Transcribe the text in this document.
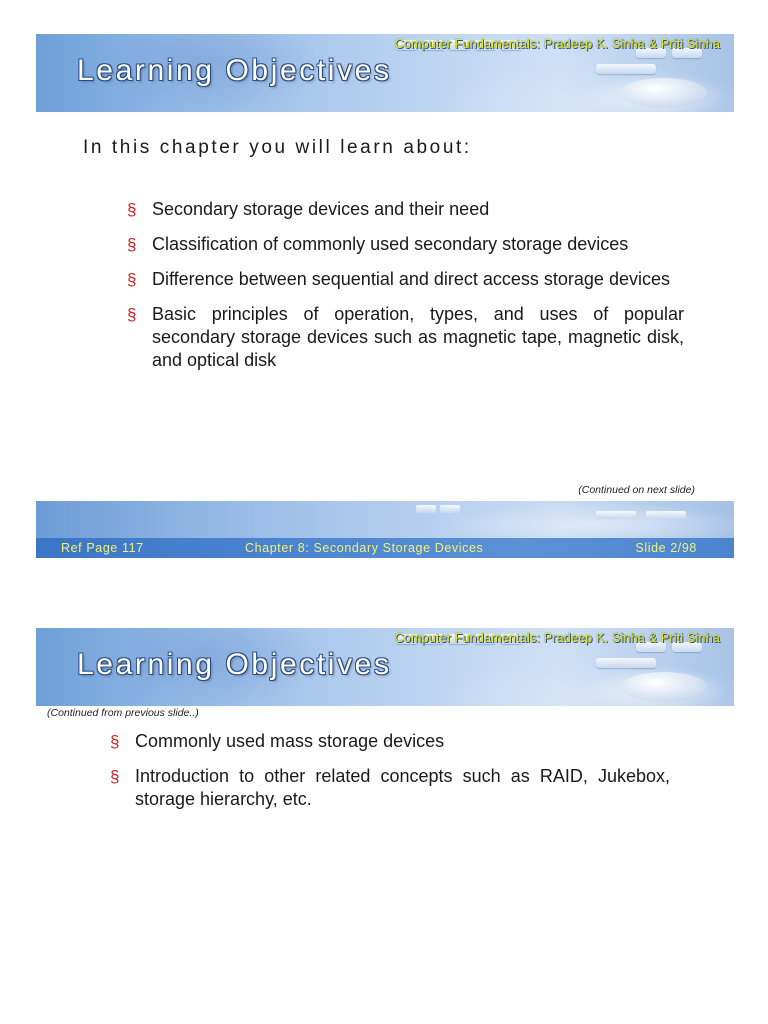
Computer Fundamentals: Pradeep K. Sinha & Priti Sinha
Learning Objectives
In this chapter you will learn about:
§ Secondary storage devices and their need
§ Classification of commonly used secondary storage devices
§ Difference between sequential and direct access storage devices
§ Basic principles of operation, types, and uses of popular secondary storage devices such as magnetic tape, magnetic disk, and optical disk
(Continued on next slide)
Ref Page 117	Chapter 8: Secondary Storage Devices	Slide 2/98
Computer Fundamentals: Pradeep K. Sinha & Priti Sinha
Learning Objectives
(Continued from previous slide..)
§ Commonly used mass storage devices
§ Introduction to other related concepts such as RAID, Jukebox, storage hierarchy, etc.
